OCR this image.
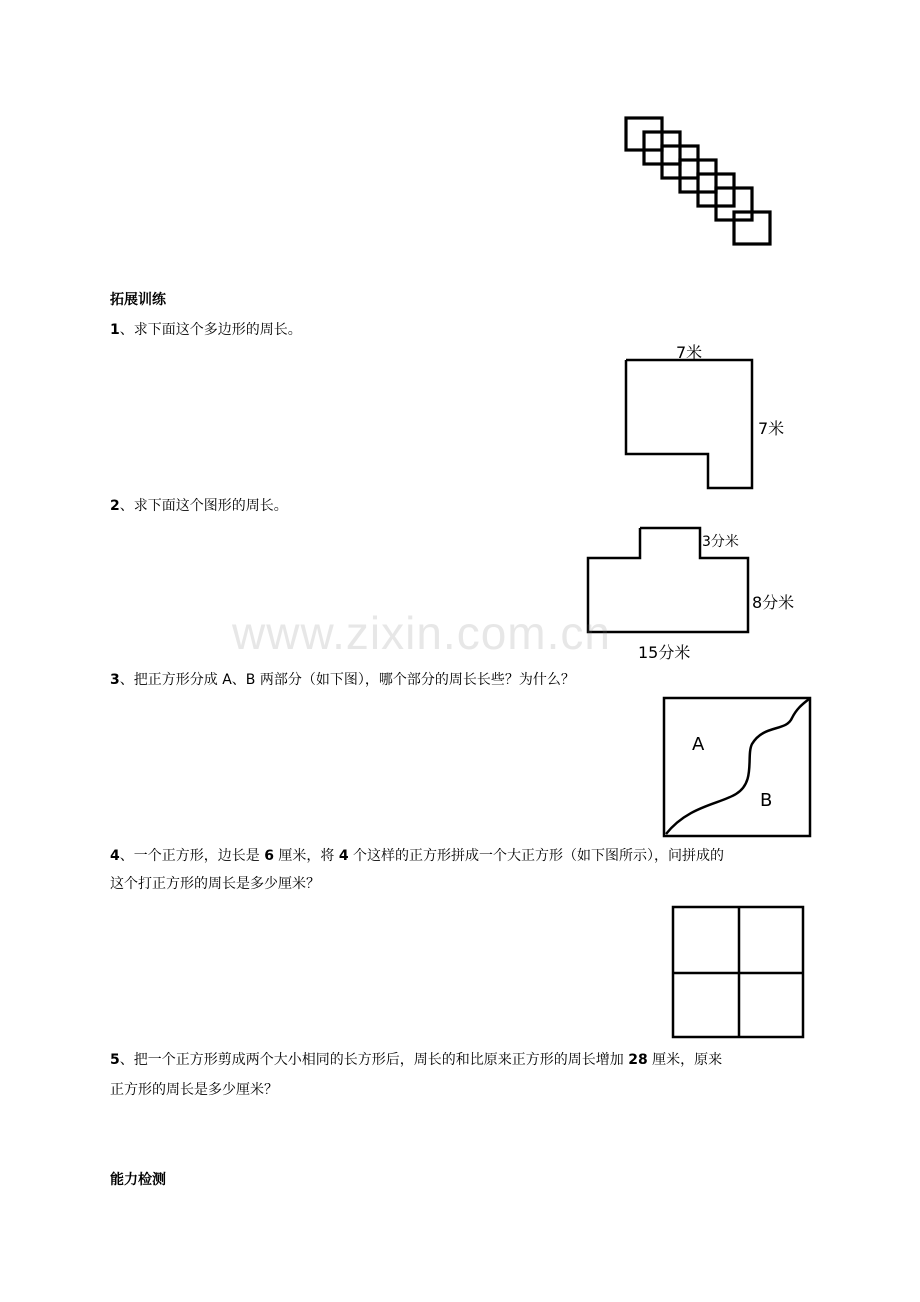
拓展训练
1、求下面这个多边形的周长。
7米
7米
2、求下面这个图形的周长。
3分米
8分米
15分米
www.zixin.com.cn
3、把正方形分成 A、B 两部分（如下图），哪个部分的周长长些？为什么？
A
B
4、一个正方形，边长是 6 厘米，将 4 个这样的正方形拼成一个大正方形（如下图所示），问拼成的
这个打正方形的周长是多少厘米？
5、把一个正方形剪成两个大小相同的长方形后，周长的和比原来正方形的周长增加 28 厘米，原来
正方形的周长是多少厘米？
能力检测
